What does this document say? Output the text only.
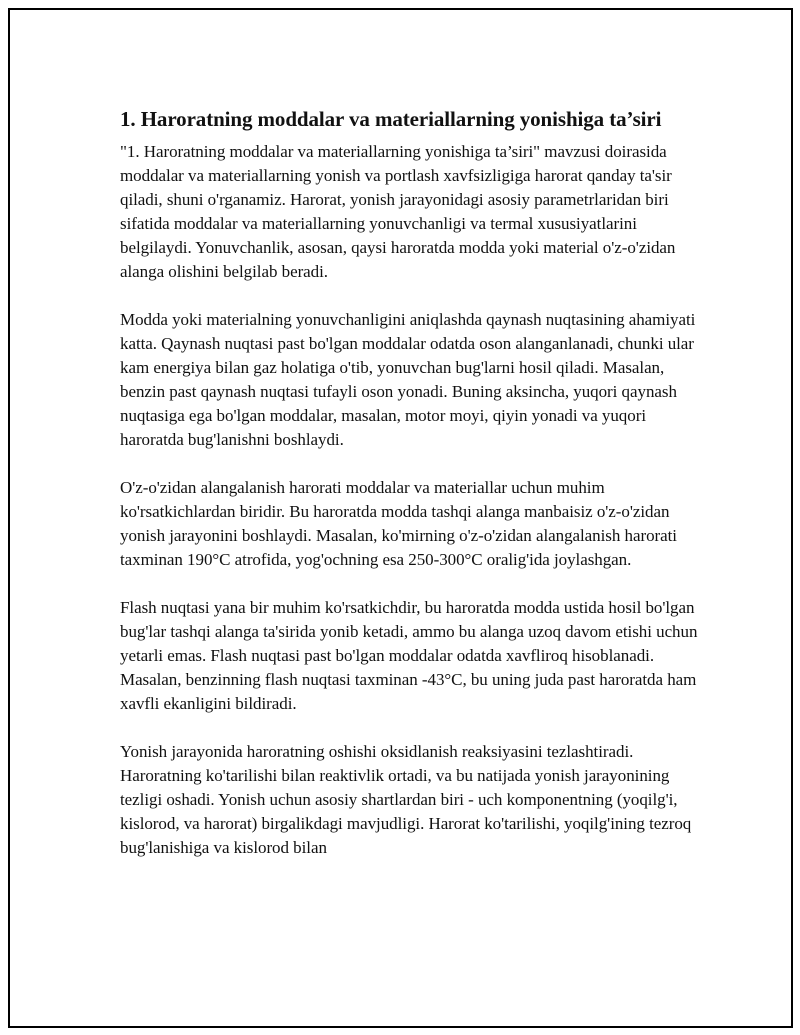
1. Haroratning moddalar va materiallarning yonishiga ta’siri

"1. Haroratning moddalar va materiallarning yonishiga ta’siri" mavzusi doirasida moddalar va materiallarning yonish va portlash xavfsizligiga harorat qanday ta'sir qiladi, shuni o'rganamiz. Harorat, yonish jarayonidagi asosiy parametrlaridan biri sifatida moddalar va materiallarning yonuvchanligi va termal xususiyatlarini belgilaydi. Yonuvchanlik, asosan, qaysi haroratda modda yoki material o'z-o'zidan alanga olishini belgilab beradi.

Modda yoki materialning yonuvchanligini aniqlashda qaynash nuqtasining ahamiyati katta. Qaynash nuqtasi past bo'lgan moddalar odatda oson alanganlanadi, chunki ular kam energiya bilan gaz holatiga o'tib, yonuvchan bug'larni hosil qiladi. Masalan, benzin past qaynash nuqtasi tufayli oson yonadi. Buning aksincha, yuqori qaynash nuqtasiga ega bo'lgan moddalar, masalan, motor moyi, qiyin yonadi va yuqori haroratda bug'lanishni boshlaydi.

O'z-o'zidan alangalanish harorati moddalar va materiallar uchun muhim ko'rsatkichlardan biridir. Bu haroratda modda tashqi alanga manbaisiz o'z-o'zidan yonish jarayonini boshlaydi. Masalan, ko'mirning o'z-o'zidan alangalanish harorati taxminan 190°C atrofida, yog'ochning esa 250-300°C oralig'ida joylashgan.

Flash nuqtasi yana bir muhim ko'rsatkichdir, bu haroratda modda ustida hosil bo'lgan bug'lar tashqi alanga ta'sirida yonib ketadi, ammo bu alanga uzoq davom etishi uchun yetarli emas. Flash nuqtasi past bo'lgan moddalar odatda xavfliroq hisoblanadi. Masalan, benzinning flash nuqtasi taxminan -43°C, bu uning juda past haroratda ham xavfli ekanligini bildiradi.

Yonish jarayonida haroratning oshishi oksidlanish reaksiyasini tezlashtiradi. Haroratning ko'tarilishi bilan reaktivlik ortadi, va bu natijada yonish jarayonining tezligi oshadi. Yonish uchun asosiy shartlardan biri - uch komponentning (yoqilg'i, kislorod, va harorat) birgalikdagi mavjudligi. Harorat ko'tarilishi, yoqilg'ining tezroq bug'lanishiga va kislorod bilan
